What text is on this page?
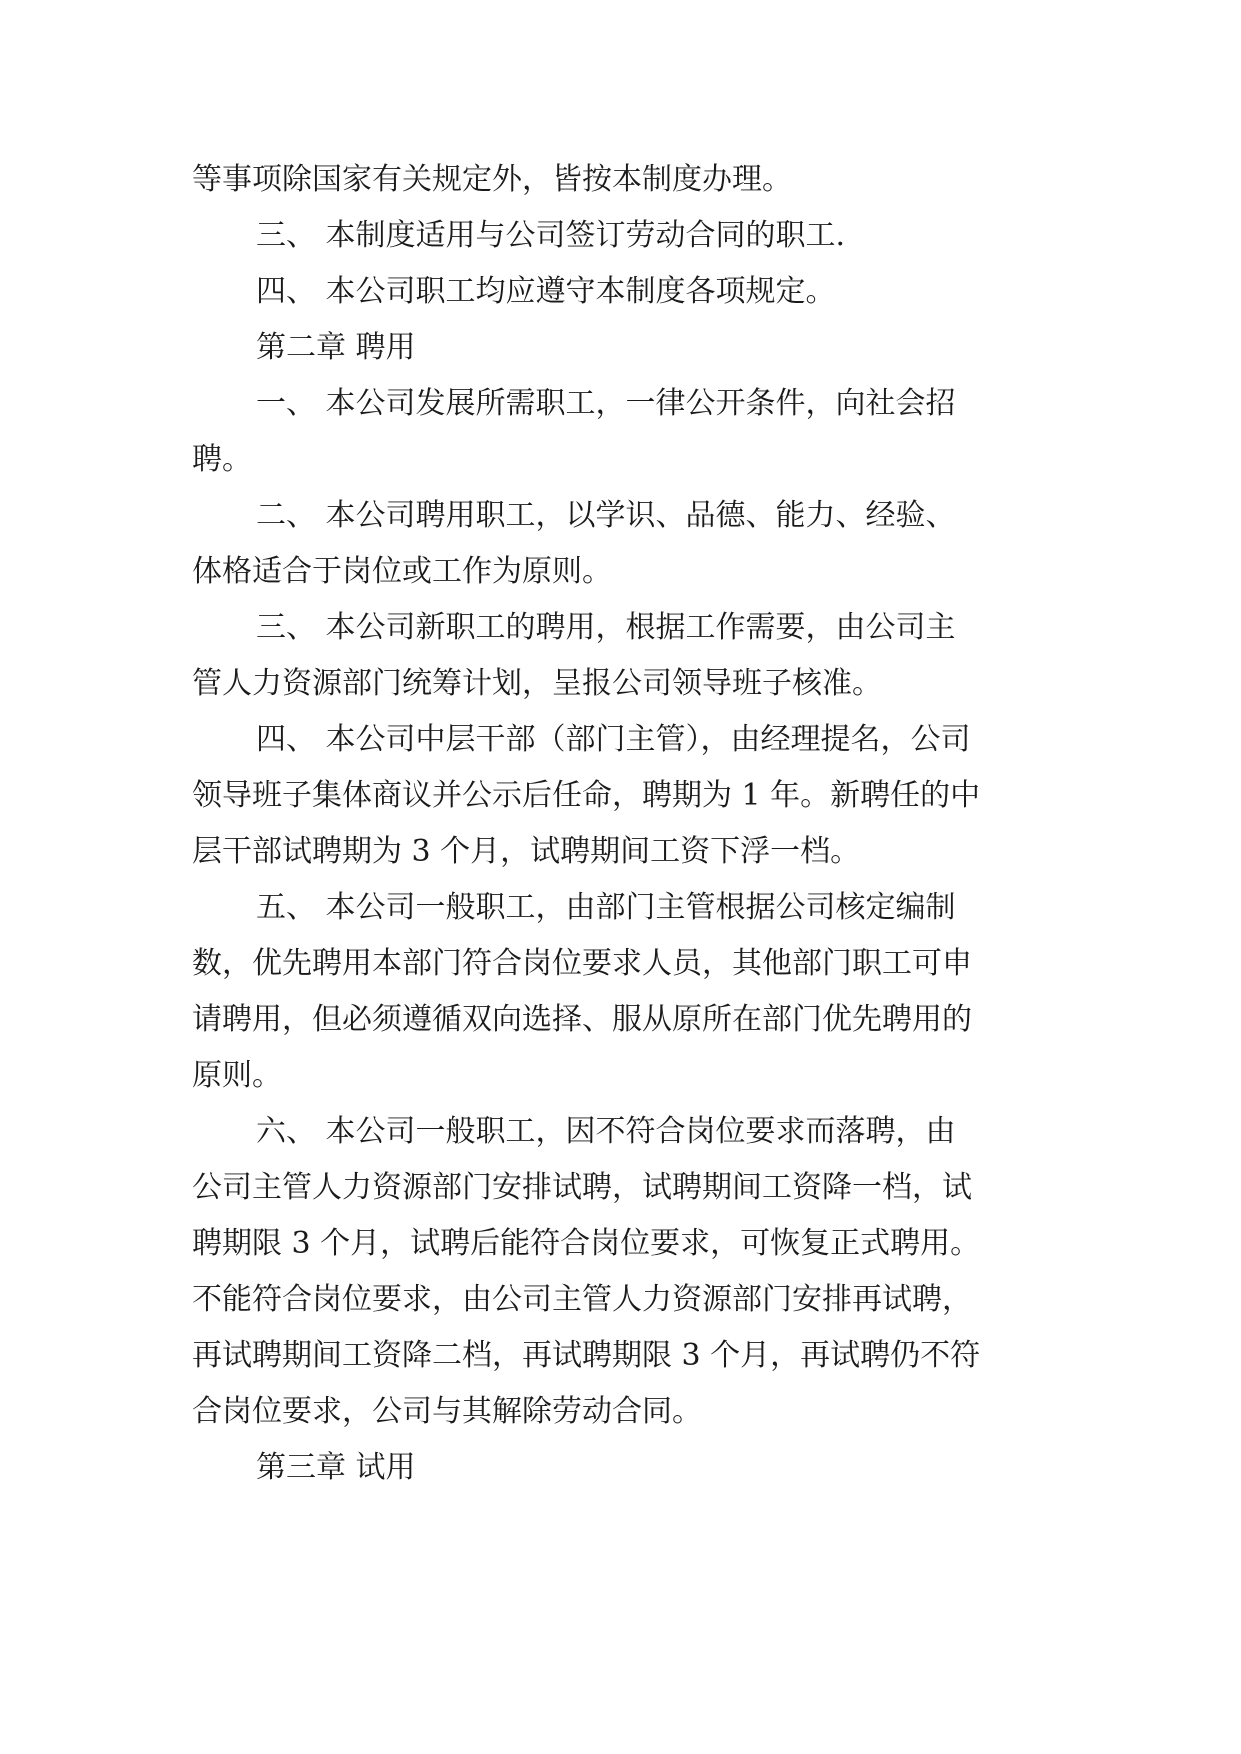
等事项除国家有关规定外，皆按本制度办理。
三、 本制度适用与公司签订劳动合同的职工.
四、 本公司职工均应遵守本制度各项规定。
第二章 聘用
一、 本公司发展所需职工，一律公开条件，向社会招
聘。
二、 本公司聘用职工，以学识、品德、能力、经验、
体格适合于岗位或工作为原则。
三、 本公司新职工的聘用，根据工作需要，由公司主
管人力资源部门统筹计划，呈报公司领导班子核准。
四、 本公司中层干部（部门主管），由经理提名，公司
领导班子集体商议并公示后任命，聘期为 1 年。新聘任的中
层干部试聘期为 3 个月，试聘期间工资下浮一档。
五、 本公司一般职工，由部门主管根据公司核定编制
数，优先聘用本部门符合岗位要求人员，其他部门职工可申
请聘用，但必须遵循双向选择、服从原所在部门优先聘用的
原则。
六、 本公司一般职工，因不符合岗位要求而落聘，由
公司主管人力资源部门安排试聘，试聘期间工资降一档，试
聘期限 3 个月，试聘后能符合岗位要求，可恢复正式聘用。
不能符合岗位要求，由公司主管人力资源部门安排再试聘，
再试聘期间工资降二档，再试聘期限 3 个月，再试聘仍不符
合岗位要求，公司与其解除劳动合同。
第三章 试用
